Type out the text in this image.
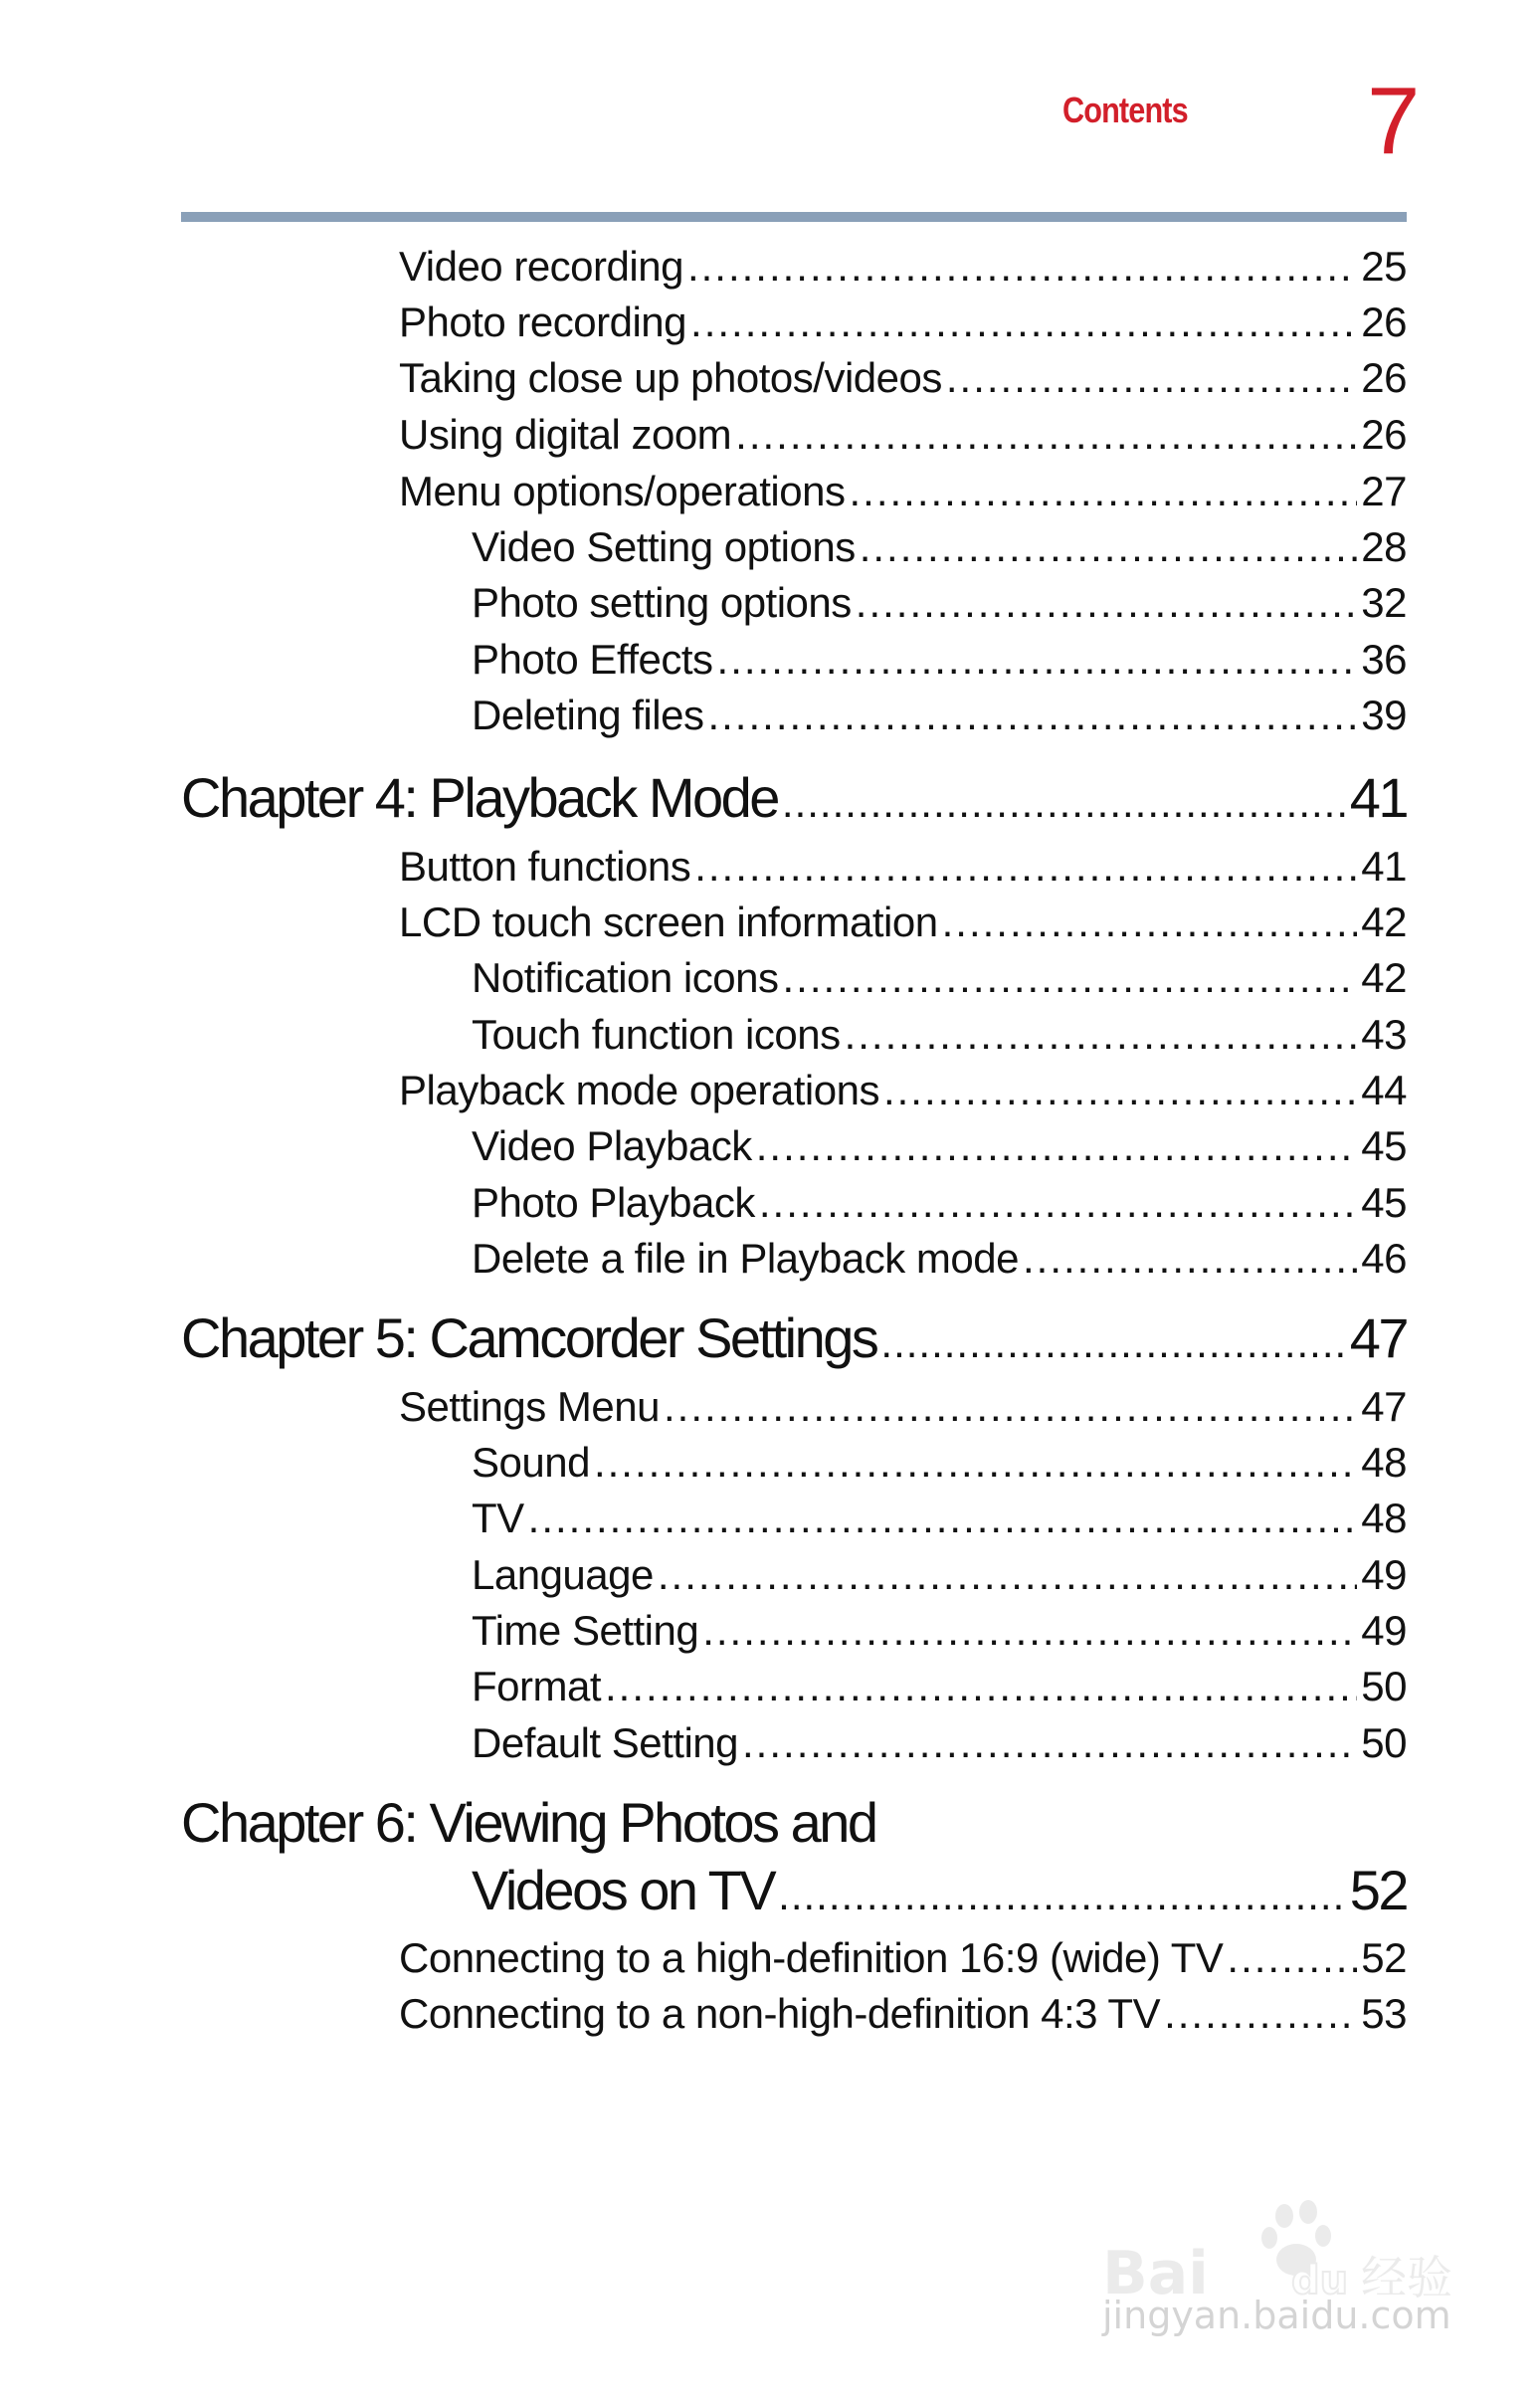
Contents 7
Video recording .....	25
Photo recording .....	26
Taking close up photos/videos .....	26
Using digital zoom .....	26
Menu options/operations .....	27
Video Setting options .....	28
Photo setting options .....	32
Photo Effects .....	36
Deleting files .....	39
Chapter 4: Playback Mode .....	41
Button functions .....	41
LCD touch screen information .....	42
Notification icons .....	42
Touch function icons .....	43
Playback mode operations .....	44
Video Playback .....	45
Photo Playback .....	45
Delete a file in Playback mode .....	46
Chapter 5: Camcorder Settings .....	47
Settings Menu .....	47
Sound .....	48
TV .....	48
Language .....	49
Time Setting .....	49
Format .....	50
Default Setting .....	50
Chapter 6: Viewing Photos and
Videos on TV .....	52
Connecting to a high-definition 16:9 (wide) TV .....	52
Connecting to a non-high-definition 4:3 TV .....	53
Bai du 经验
jingyan.baidu.com
